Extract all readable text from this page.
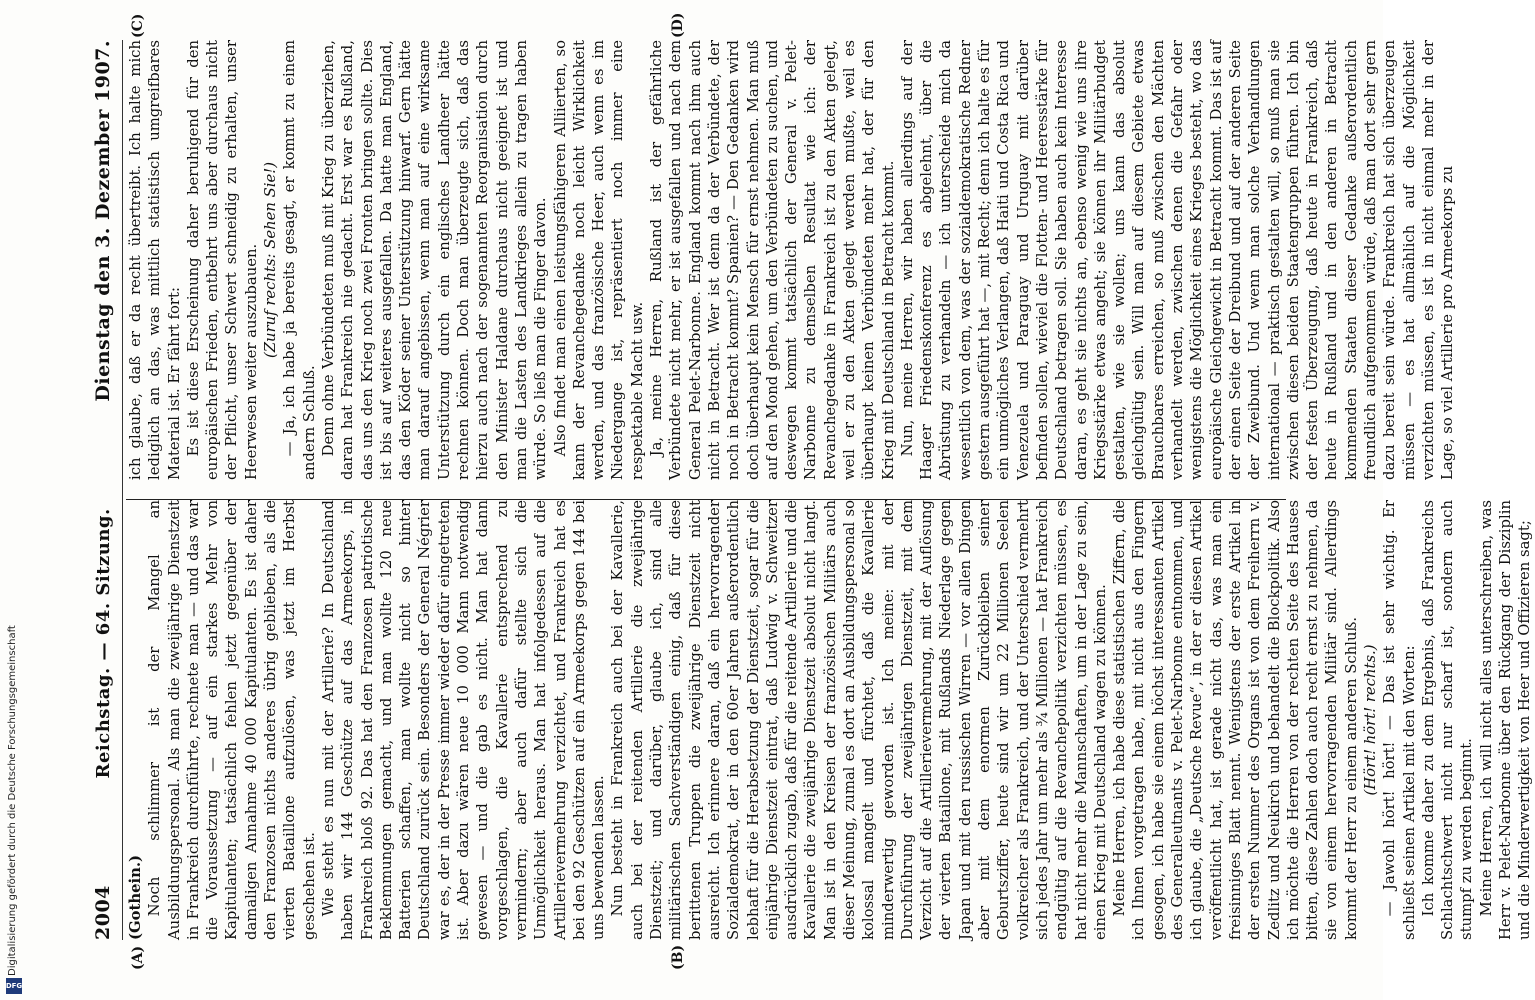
2004
Reichstag. — 64. Sitzung.
Dienstag den 3. Dezember 1907.
(A)	(B)
(C)	(D)

(Gothein.) Noch schlimmer ist der Mangel an Ausbildungspersonal. Als man die zweijährige Dienstzeit in Frankreich durchführte, rechnete man — und das war die Voraussetzung — auf ein starkes Mehr von Kapitulanten; tatsächlich fehlen jetzt gegenüber der damaligen Annahme 40 000 Kapitulanten. Es ist daher den Franzosen nichts anderes übrig geblieben, als die vierten Bataillone aufzulösen, was jetzt im Herbst geschehen ist. Wie steht es nun mit der Artillerie? In Deutschland haben wir 144 Geschütze auf das Armeekorps, in Frankreich bloß 92. Das hat den Franzosen patriotische Beklemmungen gemacht, und man wollte 120 neue Batterien schaffen, man wollte nicht so hinter Deutschland zurück sein. Besonders der General Négrier war es, der in der Presse immer wieder dafür eingetreten ist. Aber dazu wären neue 10 000 Mann notwendig gewesen — und die gab es nicht. Man hat dann vorgeschlagen, die Kavallerie entsprechend zu vermindern; aber auch dafür stellte sich die Unmöglichkeit heraus. Man hat infolgedessen auf die Artillerievermehrung verzichtet, und Frankreich hat es bei den 92 Geschützen auf ein Armeekorps gegen 144 bei uns bewenden lassen. Nun besteht in Frankreich auch bei der Kavallerie, auch bei der reitenden Artillerie die zweijährige Dienstzeit; und darüber, glaube ich, sind alle militärischen Sachverständigen einig, daß für diese berittenen Truppen die zweijährige Dienstzeit nicht ausreicht. Ich erinnere daran, daß ein hervorragender Sozialdemokrat, der in den 60er Jahren außerordentlich lebhaft für die Herabsetzung der Dienstzeit, sogar für die einjährige Dienstzeit eintrat, daß Ludwig v. Schweitzer ausdrücklich zugab, daß für die reitende Artillerie und die Kavallerie die zweijährige Dienstzeit absolut nicht langt. Man ist in den Kreisen der französischen Militärs auch dieser Meinung, zumal es dort an Ausbildungspersonal so kolossal mangelt und fürchtet, daß die Kavallerie minderwertig geworden ist. Ich meine: mit der Durchführung der zweijährigen Dienstzeit, mit dem Verzicht auf die Artillerievermehrung, mit der Auflösung der vierten Bataillone, mit Rußlands Niederlage gegen Japan und mit den russischen Wirren — vor allen Dingen aber mit dem enormen Zurückbleiben seiner Geburtsziffer, heute sind wir um 22 Millionen Seelen volkreicher als Frankreich, und der Unterschied vermehrt sich jedes Jahr um mehr als ¾ Millionen — hat Frankreich endgültig auf die Revanchepolitik verzichten müssen, es hat nicht mehr die Mannschaften, um in der Lage zu sein, einen Krieg mit Deutschland wagen zu können. Meine Herren, ich habe diese statistischen Ziffern, die ich Ihnen vorgetragen habe, mit nicht aus den Fingern gesogen, ich habe sie einem höchst interessanten Artikel des Generalleutnants v. Pelet-Narbonne entnommen, und ich glaube, die „Deutsche Revue“, in der er diesen Artikel veröffentlicht hat, ist gerade nicht das, was man ein freisinniges Blatt nennt. Wenigstens der erste Artikel in der ersten Nummer des Organs ist von dem Freiherrn v. Zedlitz und Neukirch und behandelt die Blockpolitik. Also ich möchte die Herren von der rechten Seite des Hauses bitten, diese Zahlen doch auch recht ernst zu nehmen, da sie von einem hervorragenden Militär sind. Allerdings kommt der Herr zu einem anderen Schluß. (Hört! hört! rechts.) — Jawohl hört! hört! — Das ist sehr wichtig. Er schließt seinen Artikel mit den Worten: Ich komme daher zu dem Ergebnis, daß Frankreichs Schlachtschwert nicht nur scharf ist, sondern auch stumpf zu werden beginnt. Meine Herren, ich will nicht alles unterschreiben, was Herr v. Pelet-Narbonne über den Rückgang der Disziplin und die Minderwertigkeit von Heer und Offizieren sagt;

ich glaube, daß er da recht übertreibt. Ich halte mich lediglich an das, was mittlich statistisch umgreifbares Material ist. Er fährt fort: Es ist diese Erscheinung daher beruhigend für den europäischen Frieden, entbehrt uns aber durchaus nicht der Pflicht, unser Schwert schneidig zu erhalten, unser Heerwesen weiter auszubauen. (Zuruf rechts: Sehen Sie!) — Ja, ich habe ja bereits gesagt, er kommt zu einem andern Schluß. Denn ohne Verbündeten muß mit Krieg zu überziehen, daran hat Frankreich nie gedacht. Erst war es Rußland, das uns den Krieg noch zwei Fronten bringen sollte. Dies ist bis auf weiteres ausgefallen. Da hatte man England, das den Köder seiner Unterstützung hinwarf. Gern hätte man darauf angebissen, wenn man auf eine wirksame Unterstützung durch ein englisches Landheer hätte rechnen können. Doch man überzeugte sich, daß das hierzu auch nach der sogenannten Reorganisation durch den Minister Haldane durchaus nicht geeignet ist und man die Lasten des Landkrieges allein zu tragen haben würde. So ließ man die Finger davon. Also findet man einen leistungsfähigeren Alliierten, so kann der Revanchegedanke noch leicht Wirklichkeit werden, und das französische Heer, auch wenn es im Niedergange ist, repräsentiert noch immer eine respektable Macht usw. Ja, meine Herren, Rußland ist der gefährliche Verbündete nicht mehr, er ist ausgefallen und nach dem General Pelet-Narbonne. England kommt nach ihm auch nicht in Betracht. Wer ist denn da der Verbündete, der noch in Betracht kommt? Spanien? — Den Gedanken wird doch überhaupt kein Mensch für ernst nehmen. Man muß auf den Mond gehen, um den Verbündeten zu suchen, und deswegen kommt tatsächlich der General v. Pelet-Narbonne zu demselben Resultat wie ich: der Revanchegedanke in Frankreich ist zu den Akten gelegt, weil er zu den Akten gelegt werden mußte, weil es überhaupt keinen Verbündeten mehr hat, der für den Krieg mit Deutschland in Betracht kommt. Nun, meine Herren, wir haben allerdings auf der Haager Friedenskonferenz es abgelehnt, über die Abrüstung zu verhandeln — ich unterscheide mich da wesentlich von dem, was der sozialdemokratische Redner gestern ausgeführt hat —, mit Recht; denn ich halte es für ein unmögliches Verlangen, daß Haiti und Costa Rica und Venezuela und Paraguay und Uruguay mit darüber befinden sollen, wieviel die Flotten- und Heeresstärke für Deutschland betragen soll. Sie haben auch kein Interesse daran, es geht sie nichts an, ebenso wenig wie uns ihre Kriegsstärke etwas angeht; sie können ihr Militärbudget gestalten, wie sie wollen; uns kann das absolut gleichgültig sein. Will man auf diesem Gebiete etwas Brauchbares erreichen, so muß zwischen den Mächten verhandelt werden, zwischen denen die Gefahr oder wenigstens die Möglichkeit eines Krieges besteht, wo das europäische Gleichgewicht in Betracht kommt. Das ist auf der einen Seite der Dreibund und auf der anderen Seite der Zweibund. Und wenn man solche Verhandlungen international — praktisch gestalten will, so muß man sie zwischen diesen beiden Staatengruppen führen. Ich bin der festen Überzeugung, daß heute in Frankreich, daß heute in Rußland und in den anderen in Betracht kommenden Staaten dieser Gedanke außerordentlich freundlich aufgenommen würde, daß man dort sehr gern dazu bereit sein würde. Frankreich hat sich überzeugen müssen — es hat allmählich auf die Möglichkeit verzichten müssen, es ist in nicht einmal mehr in der Lage, so viel Artillerie pro Armeekorps zu

Digitalisierung gefördert durch die Deutsche Forschungsgemeinschaft
DFG
